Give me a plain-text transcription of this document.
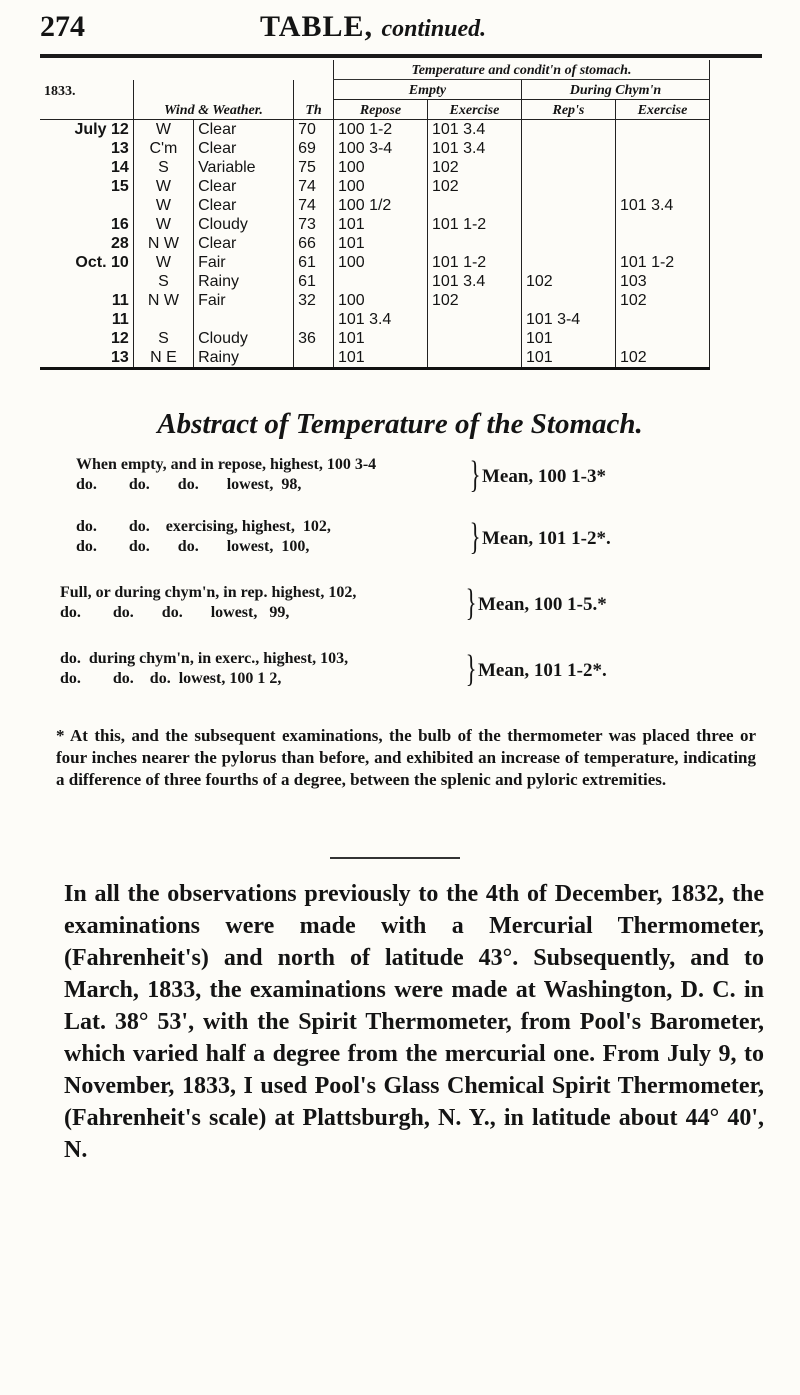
274	TABLE, continued.
				Temperature and condit'n of stomach.			
1833.				Empty		During Chym'n	
	Wind & Weather.		Th	Repose	Exercise	Rep's	Exercise
July 12	W	Clear	70	100 1-2	101 3.4		
13	C'm	Clear	69	100 3-4	101 3.4		
14	S	Variable	75	100	102		
15	W	Clear	74	100	102		
	W	Clear	74	100 1/2			101 3.4
16	W	Cloudy	73	101	101 1-2		
28	N W	Clear	66	101			
Oct. 10	W	Fair	61	100	101 1-2		101 1-2
	S	Rainy	61		101 3.4	102	103
11	N W	Fair	32	100	102		102
11				101 3.4		101 3-4	
12	S	Cloudy	36	101		101	
13	N E	Rainy		101		101	102
Abstract of Temperature of the Stomach.
When empty, and in repose, highest, 100 3-4
do.        do.       do.       lowest,  98,	} Mean, 100 1-3*
do.        do.    exercising, highest,  102,
do.        do.       do.       lowest,  100,	} Mean, 101 1-2*.
Full, or during chym'n, in rep. highest, 102,
do.        do.       do.       lowest,   99,	} Mean, 100 1-5.*
do.  during chym'n, in exerc., highest, 103,
do.        do.    do.  lowest, 100 1 2,	} Mean, 101 1-2*.
* At this, and the subsequent examinations, the bulb of the thermometer was placed three or four inches nearer the pylorus than before, and exhibited an increase of temperature, indicating a difference of three fourths of a degree, between the splenic and pyloric extremities.
In all the observations previously to the 4th of December, 1832, the examinations were made with a Mercurial Thermometer, (Fahrenheit's) and north of latitude 43°. Subsequently, and to March, 1833, the examinations were made at Washington, D. C. in Lat. 38° 53', with the Spirit Thermometer, from Pool's Barometer, which varied half a degree from the mercurial one. From July 9, to November, 1833, I used Pool's Glass Chemical Spirit Thermometer, (Fahrenheit's scale) at Plattsburgh, N. Y., in latitude about 44° 40', N.
